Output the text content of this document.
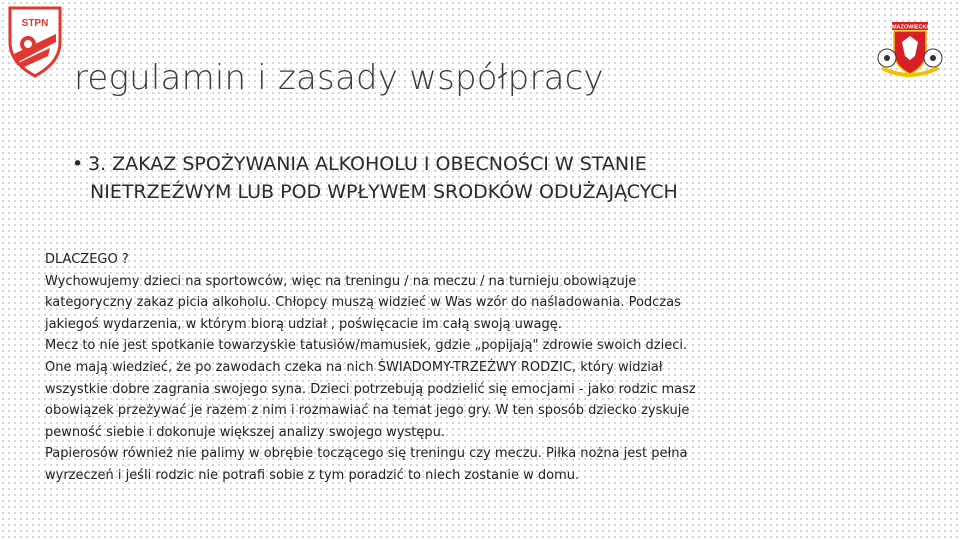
STPN	MAZOWIECKI
regulamin i zasady współpracy
• 3. ZAKAZ SPOŻYWANIA ALKOHOLU I OBECNOŚCI W STANIE
NIETRZEŹWYM LUB POD WPŁYWEM SRODKÓW ODUŻAJĄCYCH

DLACZEGO ?

Wychowujemy dzieci na sportowców, więc na treningu / na meczu / na turnieju obowiązuje

kategoryczny zakaz picia alkoholu. Chłopcy muszą widzieć w Was wzór do naśladowania. Podczas

jakiegoś wydarzenia, w którym biorą udział , poświęcacie im całą swoją uwagę.

Mecz to nie jest spotkanie towarzyskie tatusiów/mamusiek, gdzie „popijają" zdrowie swoich dzieci.

One mają wiedzieć, że po zawodach czeka na nich ŚWIADOMY-TRZEŹWY RODZIC, który widział

wszystkie dobre zagrania swojego syna. Dzieci potrzebują podzielić się emocjami - jako rodzic masz

obowiązek przeżywać je razem z nim i rozmawiać na temat jego gry. W ten sposób dziecko zyskuje

pewność siebie i dokonuje większej analizy swojego występu.

Papierosów również nie palimy w obrębie toczącego się treningu czy meczu. Piłka nożna jest pełna

wyrzeczeń i jeśli rodzic nie potrafi sobie z tym poradzić to niech zostanie w domu.
